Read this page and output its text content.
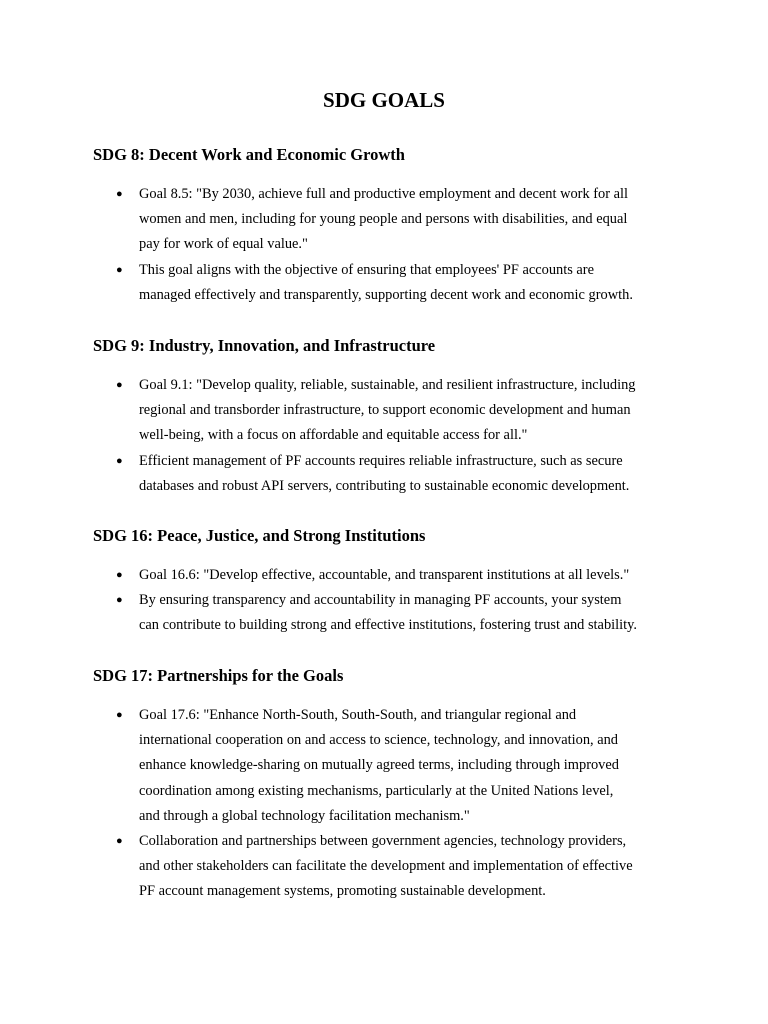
SDG GOALS
SDG 8: Decent Work and Economic Growth
● Goal 8.5: "By 2030, achieve full and productive employment and decent work for all
women and men, including for young people and persons with disabilities, and equal
pay for work of equal value."
● This goal aligns with the objective of ensuring that employees' PF accounts are
managed effectively and transparently, supporting decent work and economic growth.
SDG 9: Industry, Innovation, and Infrastructure
● Goal 9.1: "Develop quality, reliable, sustainable, and resilient infrastructure, including
regional and transborder infrastructure, to support economic development and human
well-being, with a focus on affordable and equitable access for all."
● Efficient management of PF accounts requires reliable infrastructure, such as secure
databases and robust API servers, contributing to sustainable economic development.
SDG 16: Peace, Justice, and Strong Institutions
● Goal 16.6: "Develop effective, accountable, and transparent institutions at all levels."
● By ensuring transparency and accountability in managing PF accounts, your system
can contribute to building strong and effective institutions, fostering trust and stability.
SDG 17: Partnerships for the Goals
● Goal 17.6: "Enhance North-South, South-South, and triangular regional and
international cooperation on and access to science, technology, and innovation, and
enhance knowledge-sharing on mutually agreed terms, including through improved
coordination among existing mechanisms, particularly at the United Nations level,
and through a global technology facilitation mechanism."
● Collaboration and partnerships between government agencies, technology providers,
and other stakeholders can facilitate the development and implementation of effective
PF account management systems, promoting sustainable development.
